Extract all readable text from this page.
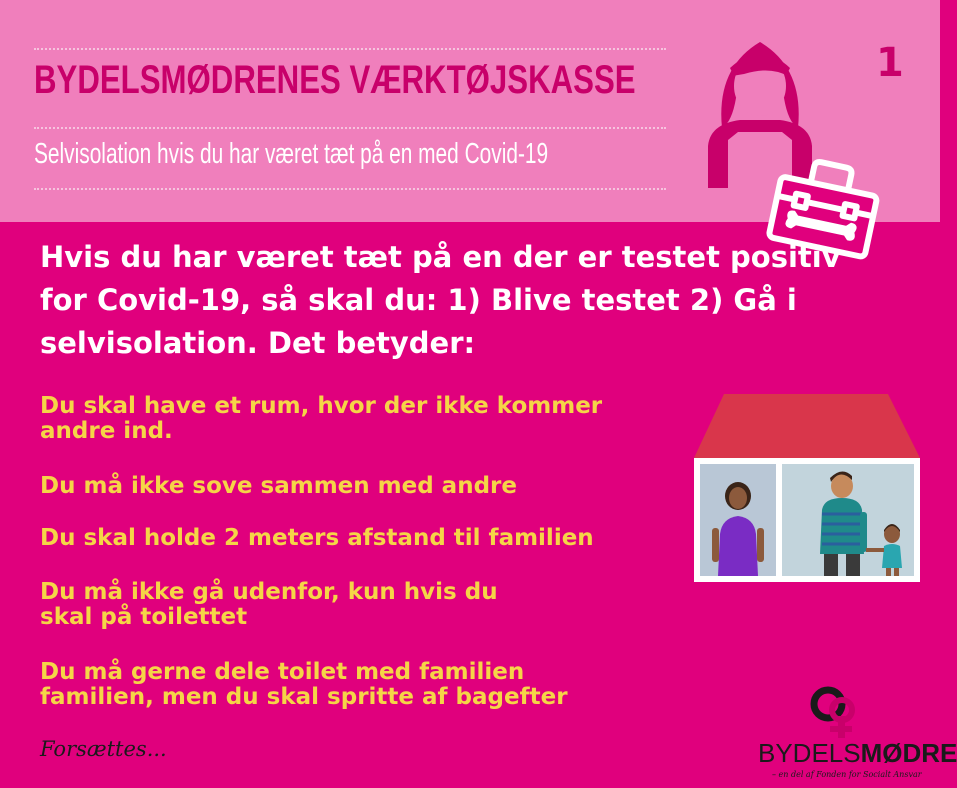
BYDELSMØDRENES VÆRKTØJSKASSE
Selvisolation hvis du har været tæt på en med Covid-19
1
Hvis du har været tæt på en der er testet positiv for Covid-19, så skal du: 1) Blive testet 2) Gå i selvisolation. Det betyder:
Du skal have et rum, hvor der ikke kommer
andre ind.
Du må ikke sove sammen med andre
Du skal holde 2 meters afstand til familien
Du må ikke gå udenfor, kun hvis du
skal på toilettet
Du må gerne dele toilet med familien
familien, men du skal spritte af bagefter
Forsættes...	BYDELSMØDRE
– en del af Fonden for Socialt Ansvar
